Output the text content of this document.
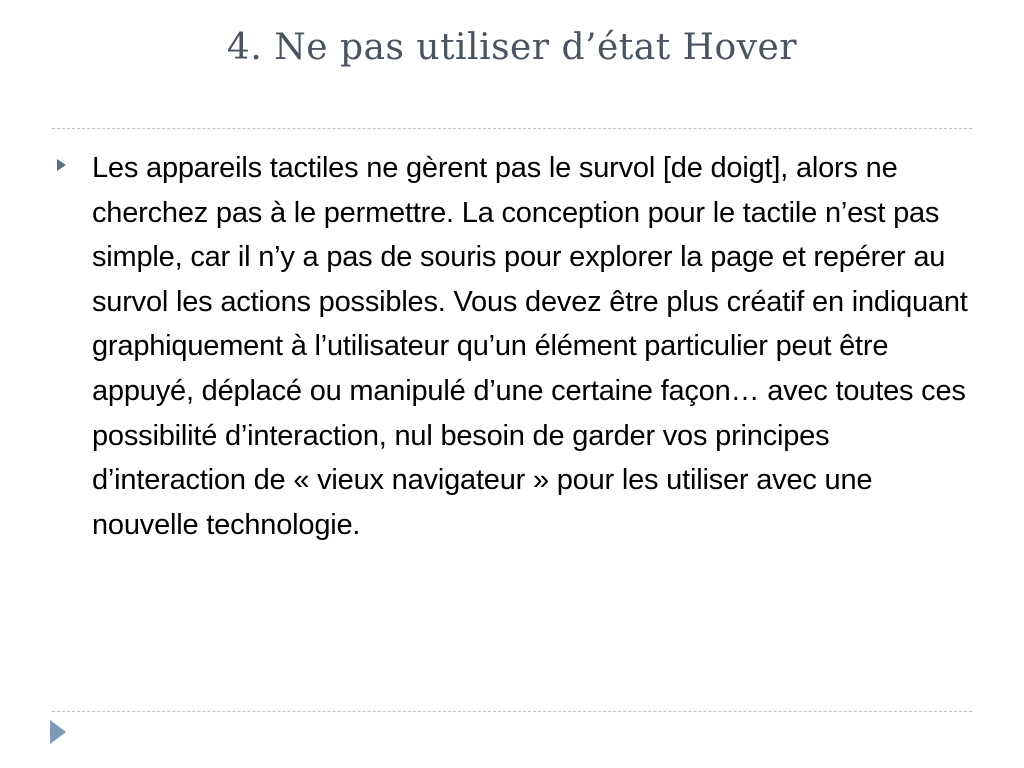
4. Ne pas utiliser d’état Hover

Les appareils tactiles ne gèrent pas le survol [de doigt], alors ne cherchez pas à le permettre. La conception pour le tactile n’est pas simple, car il n’y a pas de souris pour explorer la page et repérer au survol les actions possibles. Vous devez être plus créatif en indiquant graphiquement à l’utilisateur qu’un élément particulier peut être appuyé, déplacé ou manipulé d’une certaine façon… avec toutes ces possibilité d’interaction, nul besoin de garder vos principes d’interaction de « vieux navigateur » pour les utiliser avec une nouvelle technologie.
